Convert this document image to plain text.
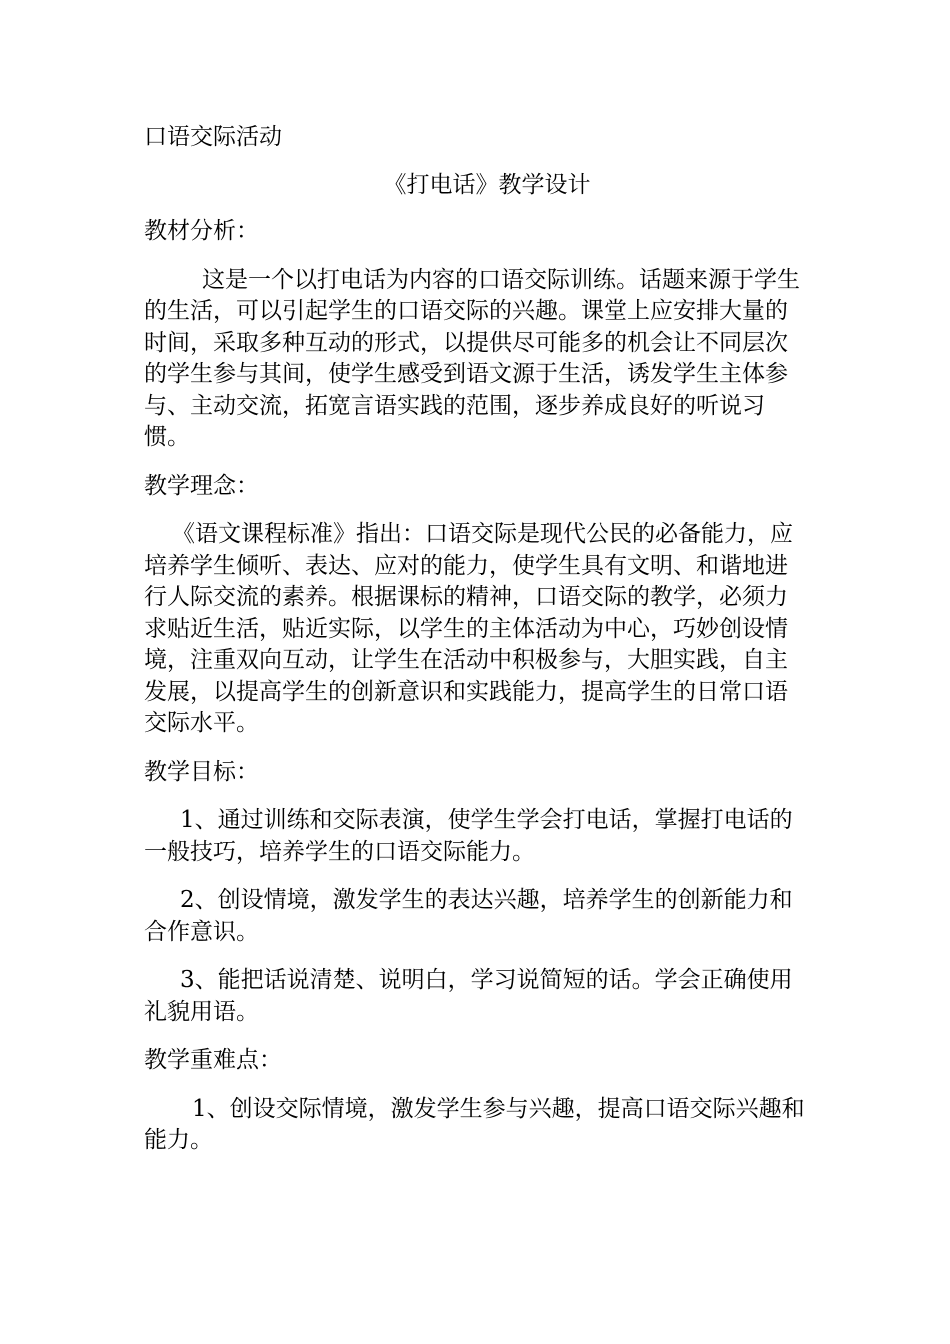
口语交际活动

《打电话》教学设计

教材分析：

这是一个以打电话为内容的口语交际训练。话题来源于学生的生活，可以引起学生的口语交际的兴趣。课堂上应安排大量的时间，采取多种互动的形式，以提供尽可能多的机会让不同层次的学生参与其间，使学生感受到语文源于生活，诱发学生主体参与、主动交流，拓宽言语实践的范围，逐步养成良好的听说习惯。

教学理念：

《语文课程标准》指出：口语交际是现代公民的必备能力，应培养学生倾听、表达、应对的能力，使学生具有文明、和谐地进行人际交流的素养。根据课标的精神，口语交际的教学，必须力求贴近生活，贴近实际，以学生的主体活动为中心，巧妙创设情境，注重双向互动，让学生在活动中积极参与，大胆实践，自主发展，以提高学生的创新意识和实践能力，提高学生的日常口语交际水平。

教学目标：

1、通过训练和交际表演，使学生学会打电话，掌握打电话的一般技巧，培养学生的口语交际能力。

2、创设情境，激发学生的表达兴趣，培养学生的创新能力和合作意识。

3、能把话说清楚、说明白，学习说简短的话。学会正确使用礼貌用语。

教学重难点：

1、创设交际情境，激发学生参与兴趣，提高口语交际兴趣和能力。
